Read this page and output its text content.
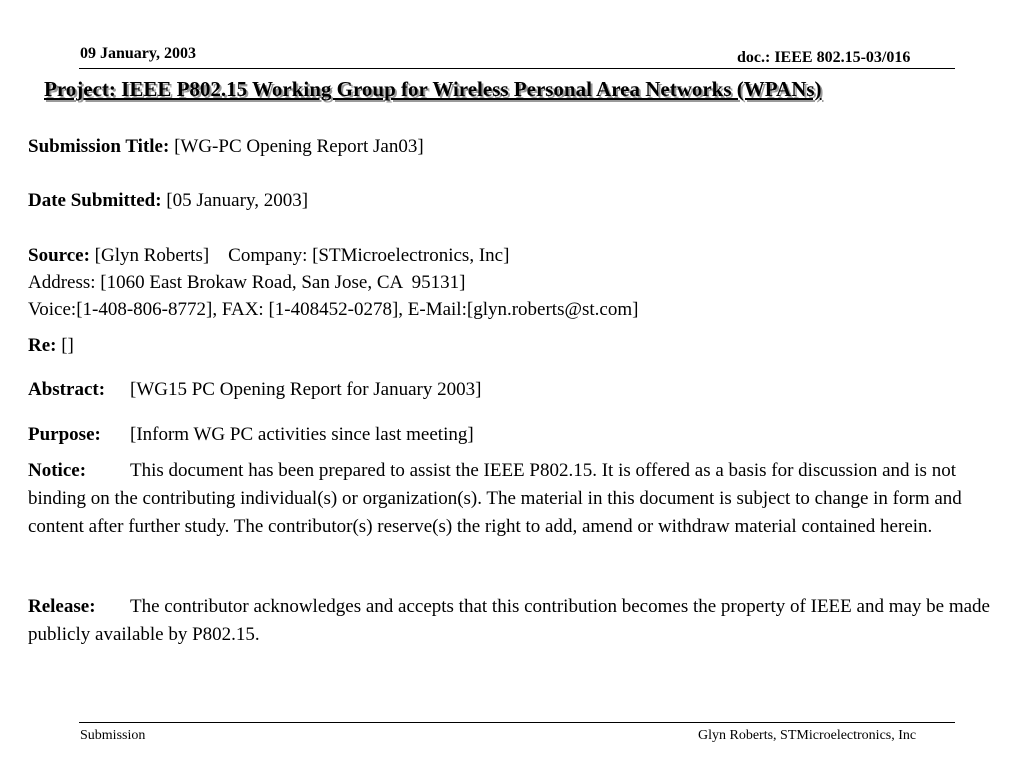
09 January, 2003	doc.: IEEE 802.15-03/016
Project: IEEE P802.15 Working Group for Wireless Personal Area Networks (WPANs)
Submission Title: [WG-PC Opening Report Jan03]
Date Submitted: [05 January, 2003]
Source: [Glyn Roberts]    Company: [STMicroelectronics, Inc]
Address: [1060 East Brokaw Road, San Jose, CA  95131]
Voice:[1-408-806-8772], FAX: [1-408452-0278], E-Mail:[glyn.roberts@st.com]
Re: []
Abstract: [WG15 PC Opening Report for January 2003]
Purpose: [Inform WG PC activities since last meeting]
Notice: This document has been prepared to assist the IEEE P802.15. It is offered as a basis for discussion and is not binding on the contributing individual(s) or organization(s). The material in this document is subject to change in form and content after further study. The contributor(s) reserve(s) the right to add, amend or withdraw material contained herein.
Release: The contributor acknowledges and accepts that this contribution becomes the property of IEEE and may be made publicly available by P802.15.
Submission	Glyn Roberts, STMicroelectronics, Inc
